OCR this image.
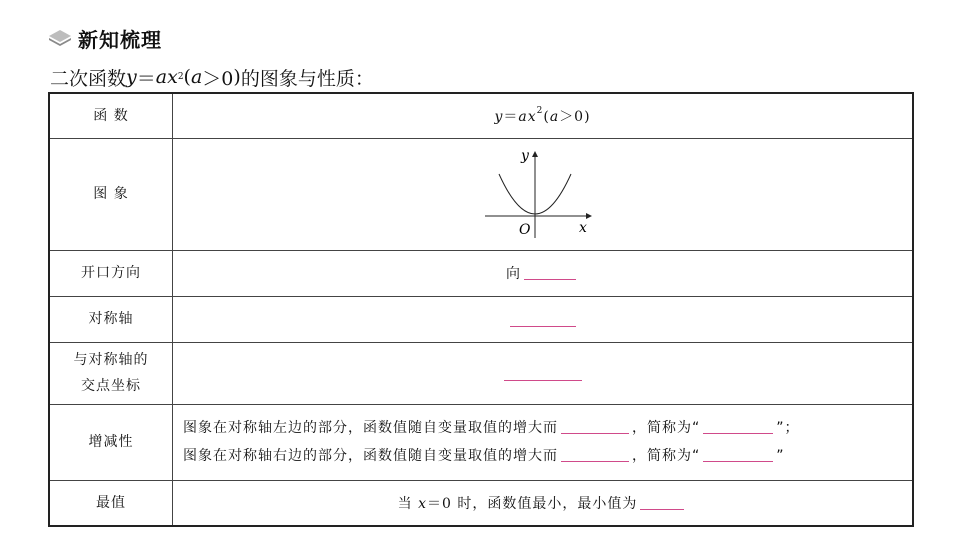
新知梳理
二次函数 y ＝ ax 2 ( a ＞0 ) 的图象与性质：
函 数	$y=ax^2(a>0)$
图 象	y
x
O

开口方向	向
对称轴	

与对称轴的
交点坐标	

增减性	图象在对称轴左边的部分，函数值随自变量取值的增大而 ，简称为“ ”；
图象在对称轴右边的部分，函数值随自变量取值的增大而 ，简称为“ ”

最值	当 x＝0 时，函数值最小，最小值为
